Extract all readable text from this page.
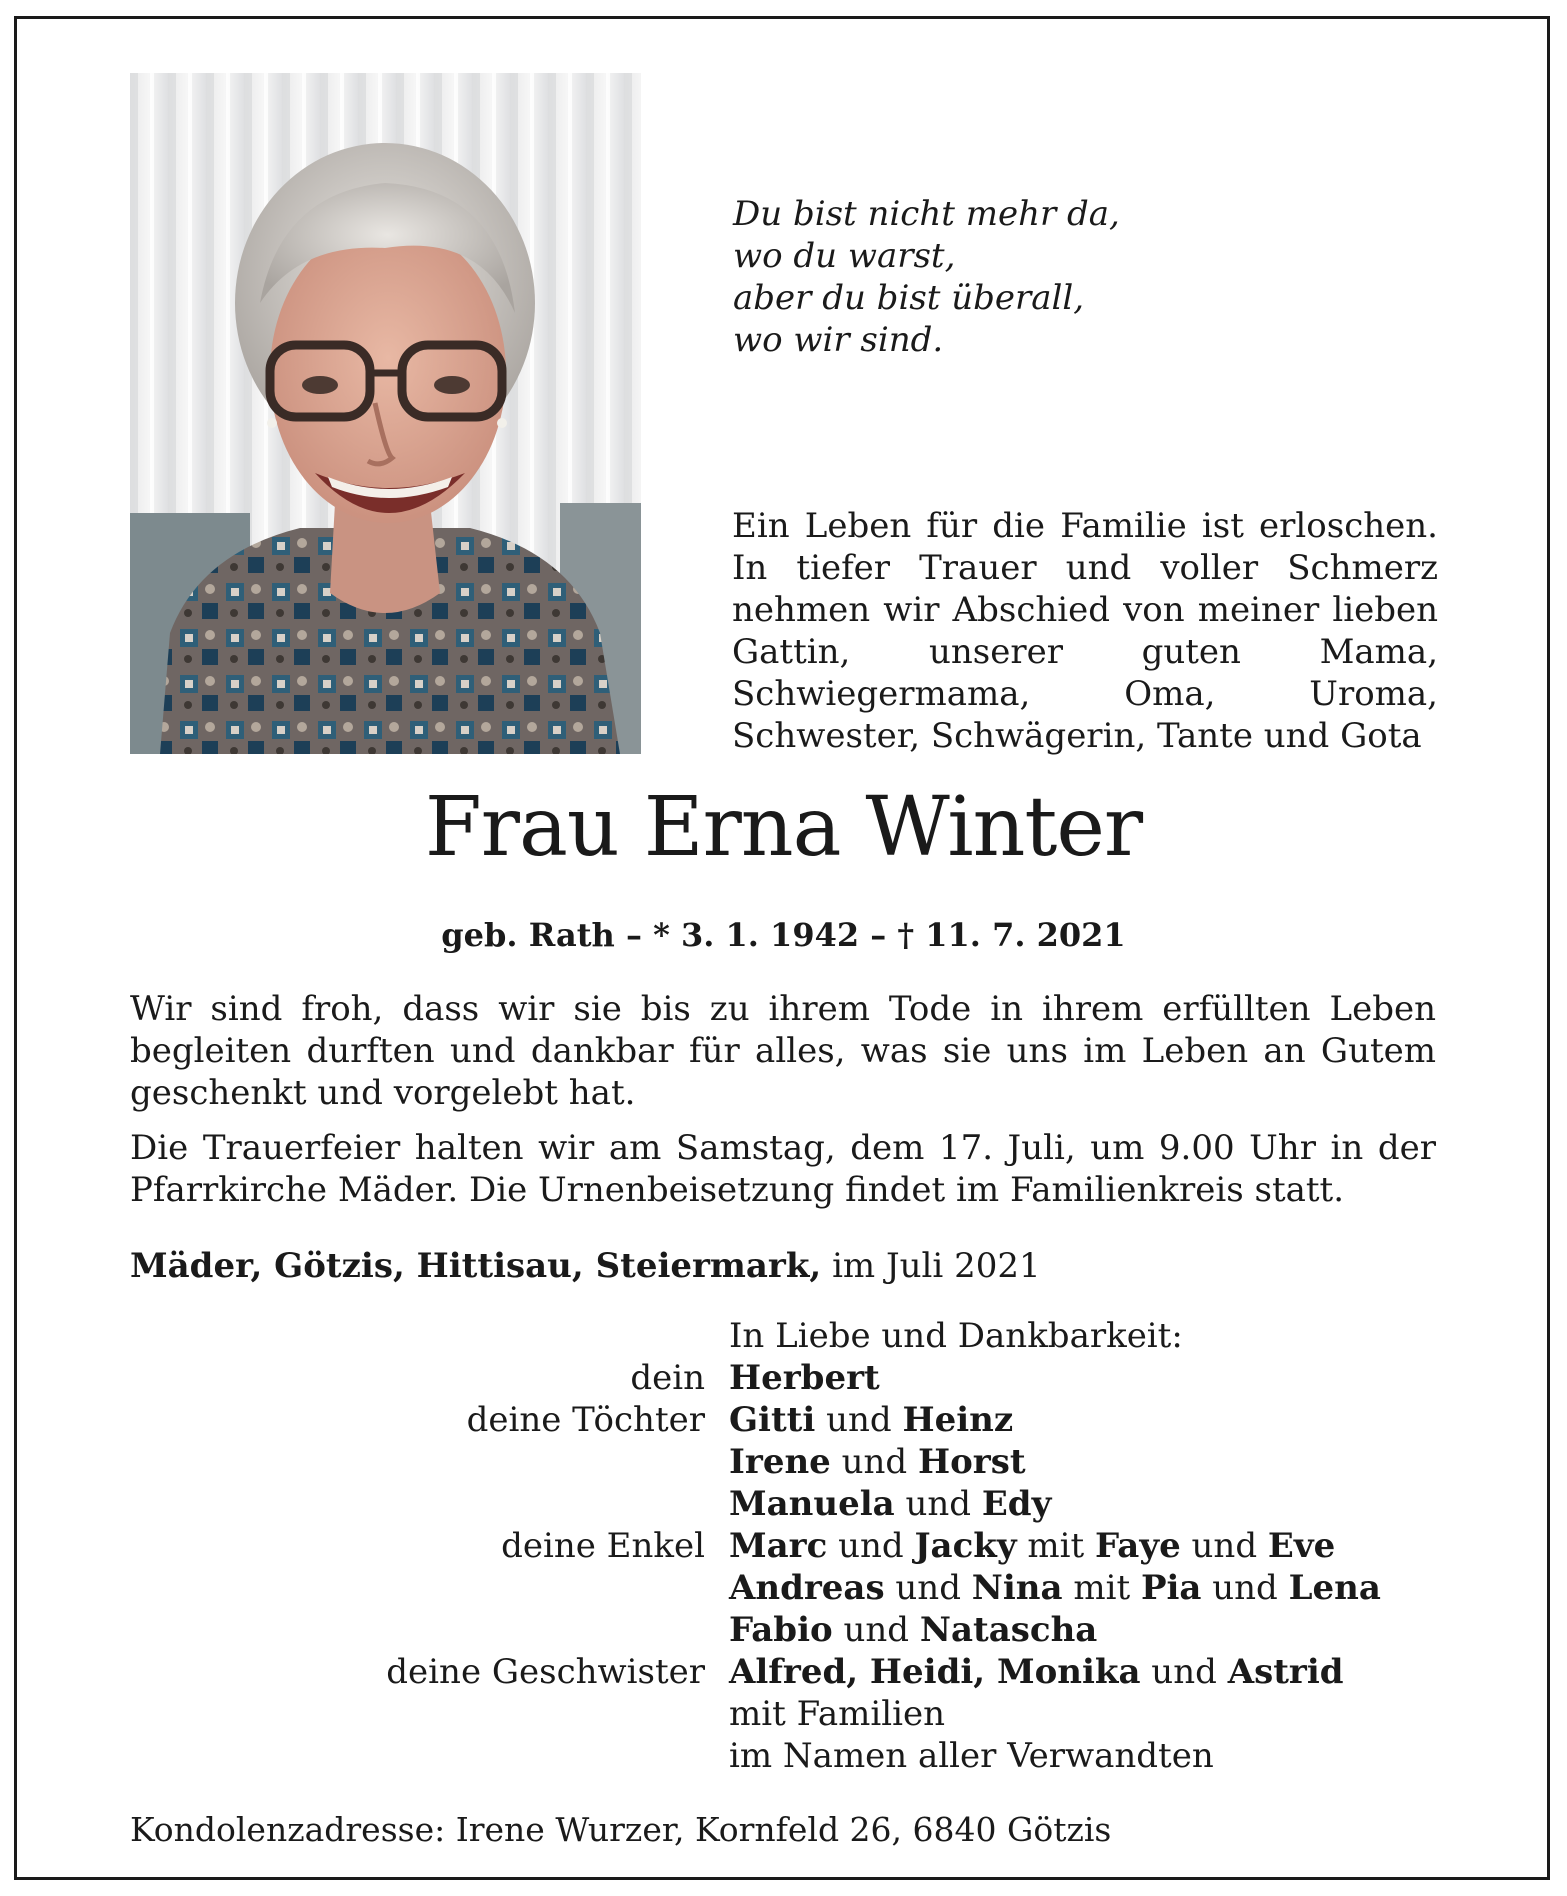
Du bist nicht mehr da,
wo du warst,
aber du bist überall,
wo wir sind.
Ein Leben für die Familie ist erloschen. In tiefer Trauer und voller Schmerz nehmen wir Abschied von meiner lieben Gattin, unserer guten Mama, Schwiegermama, Oma, Uroma, Schwester, Schwägerin, Tante und Gota
Frau Erna Winter
geb. Rath – * 3. 1. 1942 – † 11. 7. 2021
Wir sind froh, dass wir sie bis zu ihrem Tode in ihrem erfüllten Leben begleiten durften und dankbar für alles, was sie uns im Leben an Gutem geschenkt und vorgelebt hat.
Die Trauerfeier halten wir am Samstag, dem 17. Juli, um 9.00 Uhr in der Pfarrkirche Mäder. Die Urnenbeisetzung findet im Familienkreis statt.
Mäder, Götzis, Hittisau, Steiermark, im Juli 2021
In Liebe und Dankbarkeit:
dein Herbert
deine Töchter Gitti und Heinz
Irene und Horst
Manuela und Edy
deine Enkel Marc und Jacky mit Faye und Eve
Andreas und Nina mit Pia und Lena
Fabio und Natascha
deine Geschwister Alfred, Heidi, Monika und Astrid
mit Familien
im Namen aller Verwandten
Kondolenzadresse: Irene Wurzer, Kornfeld 26, 6840 Götzis
